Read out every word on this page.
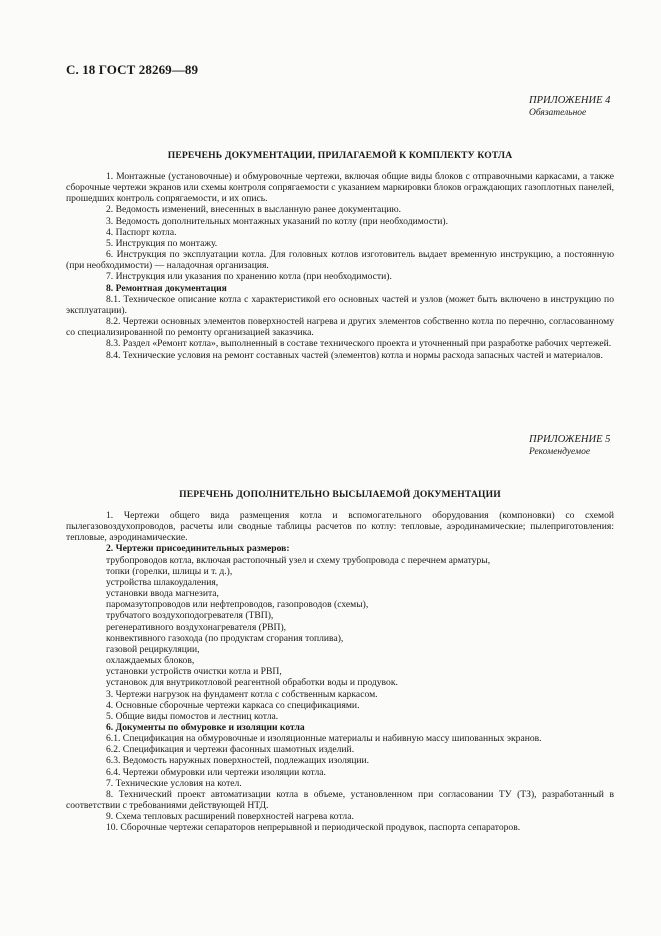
С. 18 ГОСТ 28269—89
ПРИЛОЖЕНИЕ 4
Обязательное
ПЕРЕЧЕНЬ ДОКУМЕНТАЦИИ, ПРИЛАГАЕМОЙ К КОМПЛЕКТУ КОТЛА

1. Монтажные (установочные) и обмуровочные чертежи, включая общие виды блоков с отправочными каркасами, а также сборочные чертежи экранов или схемы контроля сопрягаемости с указанием маркировки блоков ограждающих газоплотных панелей, прошедших контроль сопрягаемости, и их опись.

2. Ведомость изменений, внесенных в высланную ранее документацию.

3. Ведомость дополнительных монтажных указаний по котлу (при необходимости).

4. Паспорт котла.

5. Инструкция по монтажу.

6. Инструкция по эксплуатации котла. Для головных котлов изготовитель выдает временную инструкцию, а постоянную (при необходимости) — наладочная организация.

7. Инструкция или указания по хранению котла (при необходимости).

8. Ремонтная документация

8.1. Техническое описание котла с характеристикой его основных частей и узлов (может быть включено в инструкцию по эксплуатации).

8.2. Чертежи основных элементов поверхностей нагрева и других элементов собственно котла по перечню, согласованному со специализированной по ремонту организацией заказчика.

8.3. Раздел «Ремонт котла», выполненный в составе технического проекта и уточненный при разработке рабочих чертежей.

8.4. Технические условия на ремонт составных частей (элементов) котла и нормы расхода запасных частей и материалов.

ПРИЛОЖЕНИЕ 5
Рекомендуемое
ПЕРЕЧЕНЬ ДОПОЛНИТЕЛЬНО ВЫСЫЛАЕМОЙ ДОКУМЕНТАЦИИ

1. Чертежи общего вида размещения котла и вспомогательного оборудования (компоновки) со схемой пылегазовоздухопроводов, расчеты или сводные таблицы расчетов по котлу: тепловые, аэродинамические; пылеприготовления: тепловые, аэродинамические.

2. Чертежи присоединительных размеров:

трубопроводов котла, включая растопочный узел и схему трубопровода с перечнем арматуры,

топки (горелки, шлицы и т. д.),

устройства шлакоудаления,

установки ввода магнезита,

паромазутопроводов или нефтепроводов, газопроводов (схемы),

трубчатого воздухоподогревателя (ТВП),

регенеративного воздухонагревателя (РВП),

конвективного газохода (по продуктам сгорания топлива),

газовой рециркуляции,

охлаждаемых блоков,

установки устройств очистки котла и РВП,

установок для внутрикотловой реагентной обработки воды и продувок.

3. Чертежи нагрузок на фундамент котла с собственным каркасом.

4. Основные сборочные чертежи каркаса со спецификациями.

5. Общие виды помостов и лестниц котла.

6. Документы по обмуровке и изоляции котла

6.1. Спецификация на обмуровочные и изоляционные материалы и набивную массу шипованных экранов.

6.2. Спецификация и чертежи фасонных шамотных изделий.

6.3. Ведомость наружных поверхностей, подлежащих изоляции.

6.4. Чертежи обмуровки или чертежи изоляции котла.

7. Технические условия на котел.

8. Технический проект автоматизации котла в объеме, установленном при согласовании ТУ (ТЗ), разработанный в соответствии с требованиями действующей НТД.

9. Схема тепловых расширений поверхностей нагрева котла.

10. Сборочные чертежи сепараторов непрерывной и периодической продувок, паспорта сепараторов.
